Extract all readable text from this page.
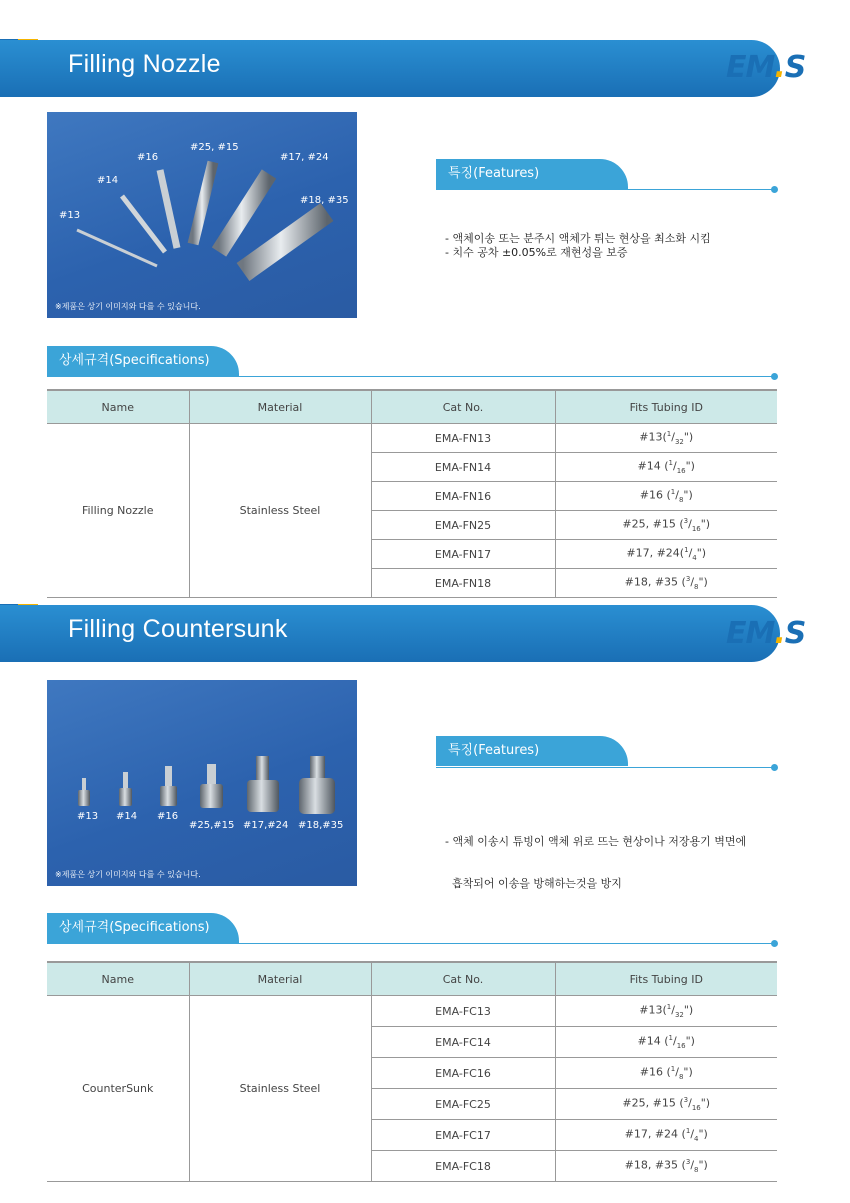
Filling Nozzle	EM.S
#13
#14
#16
#25, #15
#17, #24
#18, #35
※제품은 상기 이미지와 다를 수 있습니다.
특징(Features)
- 액체이송 또는 분주시 액체가 튀는 현상을 최소화 시킴
- 치수 공차 ±0.05%로 재현성을 보증
상세규격(Specifications)
Name	Material	Cat No.	Fits Tubing ID
Filling Nozzle	Stainless Steel	EMA-FN13	$\#13(^1/_{32}")$
		EMA-FN14	#14 $(^1/_{16}")$
		EMA-FN16	#16 $(^1/_8")$
		EMA-FN25	#25, #15 $(^3/_{16}")$
		EMA-FN17	#17, $\#24(^1/_4")$
		EMA-FN18	#18, #35 $(^3/_8")$
Filling Countersunk	EM.S
#13 #14 #16
#25,#15 #17,#24 #18,#35
※제품은 상기 이미지와 다를 수 있습니다.
특징(Features)

- 액체 이송시 튜빙이 액체 위로 뜨는 현상이나 저장용기 벽면에

흡착되어 이송을 방해하는것을 방지

상세규격(Specifications)
Name	Material	Cat No.	Fits Tubing ID
CounterSunk	Stainless Steel	EMA-FC13	$\#13(^1/_{32}")$
		EMA-FC14	#14 $(^1/_{16}")$
		EMA-FC16	#16 $(^1/_8")$
		EMA-FC25	#25, #15 $(^3/_{16}")$
		EMA-FC17	#17, #24 $(^1/_4")$
		EMA-FC18	#18, #35 $(^3/_8")$
